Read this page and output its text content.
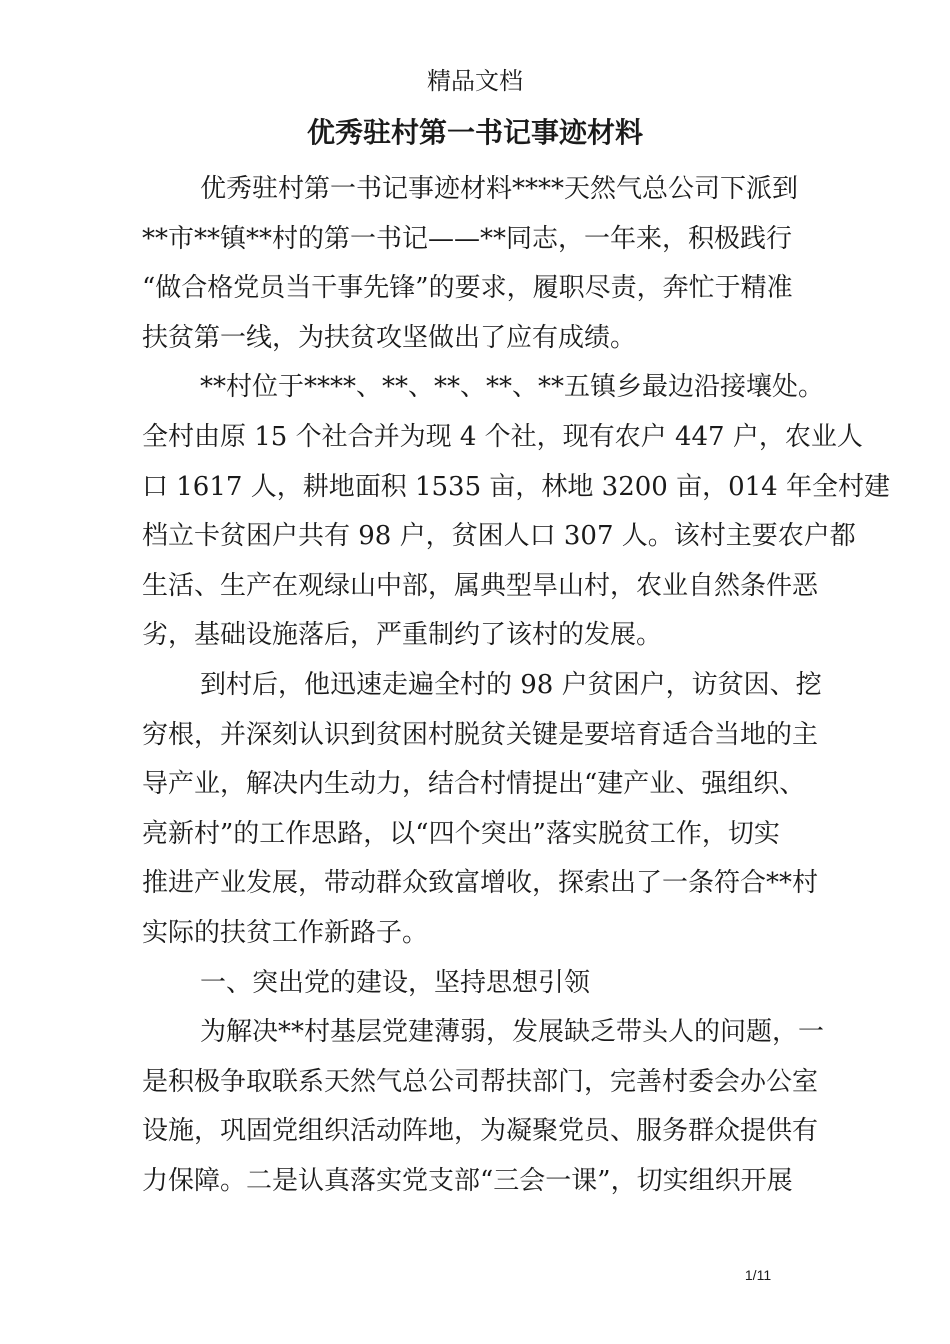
精品文档
优秀驻村第一书记事迹材料
优秀驻村第一书记事迹材料****天然气总公司下派到
**市**镇**村的第一书记——**同志，一年来，积极践行
“做合格党员当干事先锋”的要求，履职尽责，奔忙于精准
扶贫第一线，为扶贫攻坚做出了应有成绩。
**村位于****、**、**、**、**五镇乡最边沿接壤处。
全村由原 15 个社合并为现 4 个社，现有农户 447 户，农业人
口 1617 人，耕地面积 1535 亩，林地 3200 亩，014 年全村建
档立卡贫困户共有 98 户，贫困人口 307 人。该村主要农户都
生活、生产在观绿山中部，属典型旱山村，农业自然条件恶
劣，基础设施落后，严重制约了该村的发展。
到村后，他迅速走遍全村的 98 户贫困户，访贫因、挖
穷根，并深刻认识到贫困村脱贫关键是要培育适合当地的主
导产业，解决内生动力，结合村情提出“建产业、强组织、
亮新村”的工作思路，以“四个突出”落实脱贫工作，切实
推进产业发展，带动群众致富增收，探索出了一条符合**村
实际的扶贫工作新路子。
一、突出党的建设，坚持思想引领
为解决**村基层党建薄弱，发展缺乏带头人的问题，一
是积极争取联系天然气总公司帮扶部门，完善村委会办公室
设施，巩固党组织活动阵地，为凝聚党员、服务群众提供有
力保障。二是认真落实党支部“三会一课”，切实组织开展
1/11
